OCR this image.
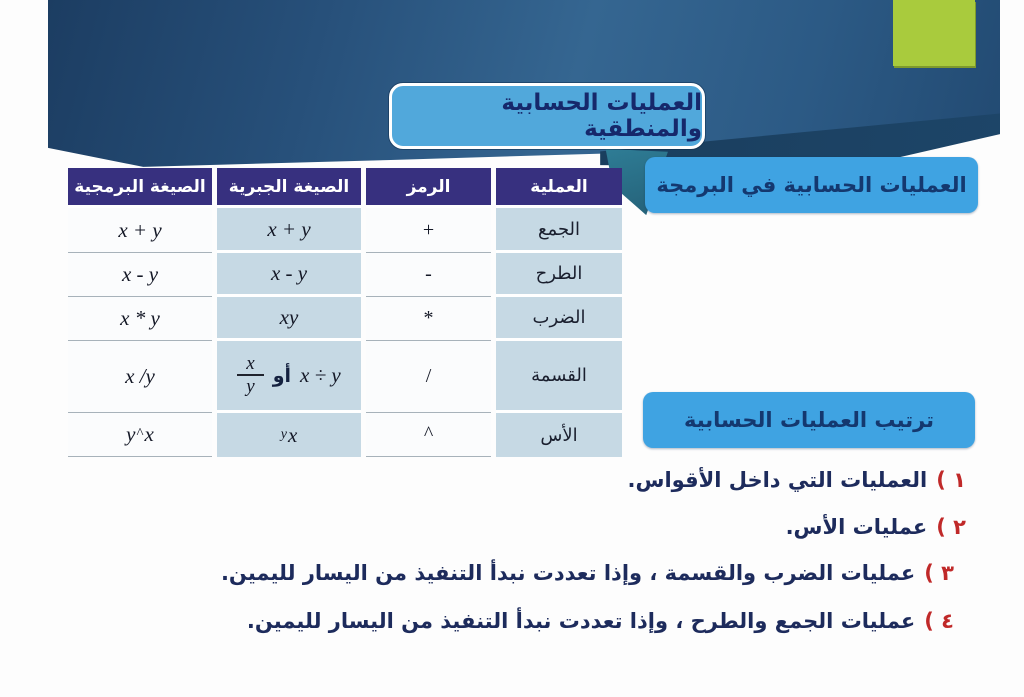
العمليات الحسابية والمنطقية
العمليات الحسابية في البرمجة
العملية
الرمز
الصيغة الجبرية
الصيغة البرمجية
الجمع
+
x + y
x + y
الطرح
-
x - y
x - y
الضرب
*
xy
x * y
القسمة
/
x ÷ y
أو
$\frac{x}{y}$
x /y
الأس
^
x
y
x
^
y
ترتيب العمليات الحسابية
١ )العمليات التي داخل الأقواس.
٢ )عمليات الأس.
٣ )عمليات الضرب والقسمة ، وإذا تعددت نبدأ التنفيذ من اليسار لليمين.
٤ )عمليات الجمع والطرح ، وإذا تعددت نبدأ التنفيذ من اليسار لليمين.
